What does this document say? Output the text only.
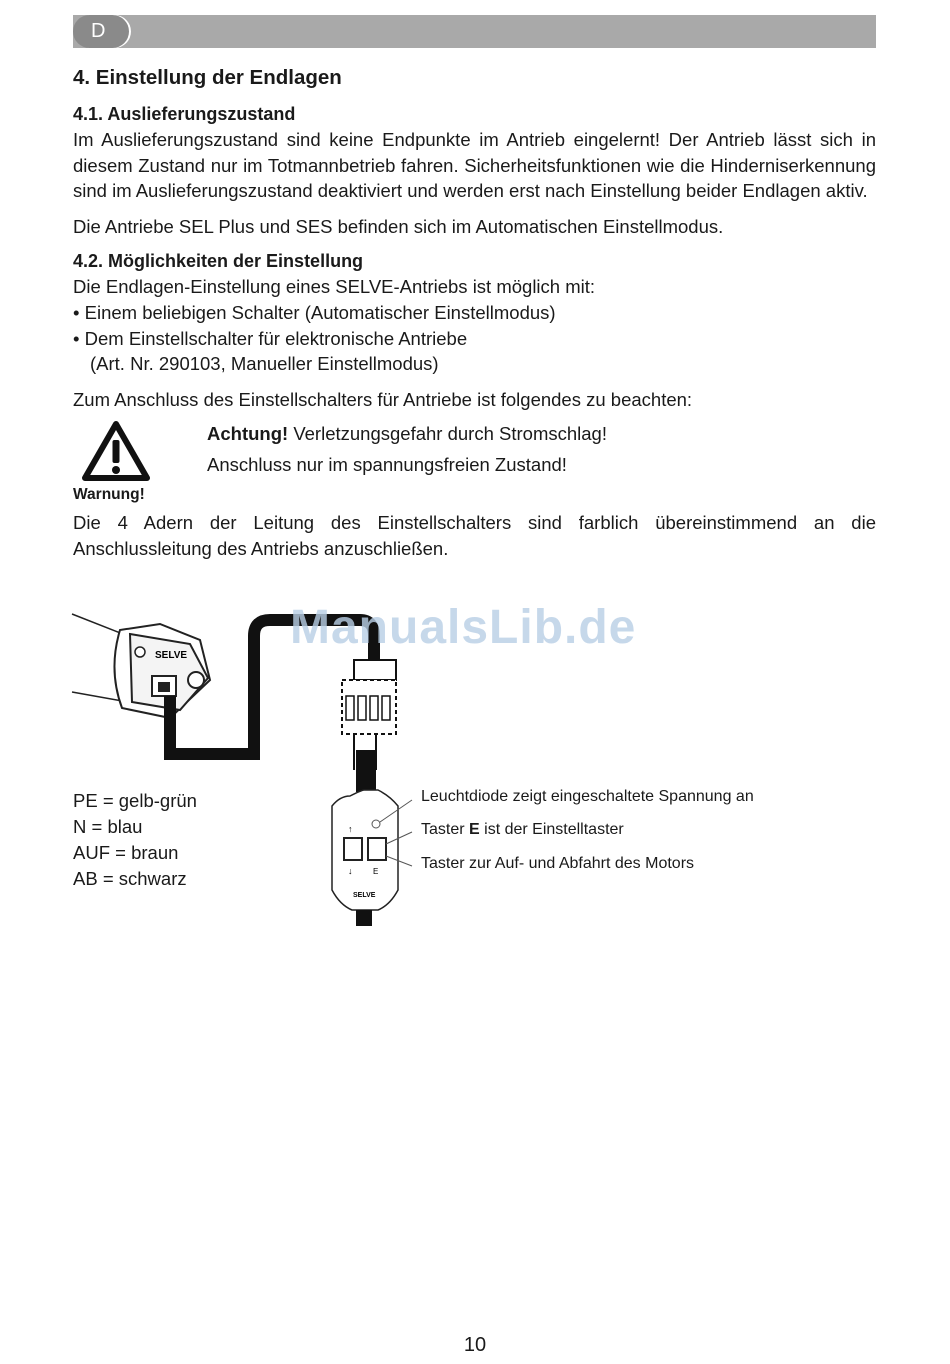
D
4. Einstellung der Endlagen
4.1. Auslieferungszustand

Im Auslieferungszustand sind keine Endpunkte im Antrieb eingelernt! Der Antrieb lässt sich in diesem Zustand nur im Totmannbetrieb fahren. Sicherheitsfunktionen wie die Hinderniserkennung sind im Auslieferungszustand deaktiviert und werden erst nach Einstellung beider Endlagen aktiv.

Die Antriebe SEL Plus und SES befinden sich im Automatischen Einstellmodus.

4.2. Möglichkeiten der Einstellung
Die Endlagen-Einstellung eines SELVE-Antriebs ist möglich mit:
• Einem beliebigen Schalter (Automatischer Einstellmodus)
• Dem Einstellschalter für elektronische Antriebe
(Art. Nr. 290103, Manueller Einstellmodus)
Zum Anschluss des Einstellschalters für Antriebe ist folgendes zu beachten:
Warnung!
Achtung! Verletzungsgefahr durch Stromschlag!
Anschluss nur im spannungsfreien Zustand!

Die 4 Adern der Leitung des Einstellschalters sind farblich übereinstimmend an die Anschlussleitung des Antriebs anzuschließen.

SELVE
↑
↓	E
SELVE
ManualsLib.de
PE = gelb-grün
N = blau
AUF = braun
AB = schwarz
Leuchtdiode zeigt eingeschaltete Spannung an
Taster E ist der Einstelltaster
Taster zur Auf- und Abfahrt des Motors
10
